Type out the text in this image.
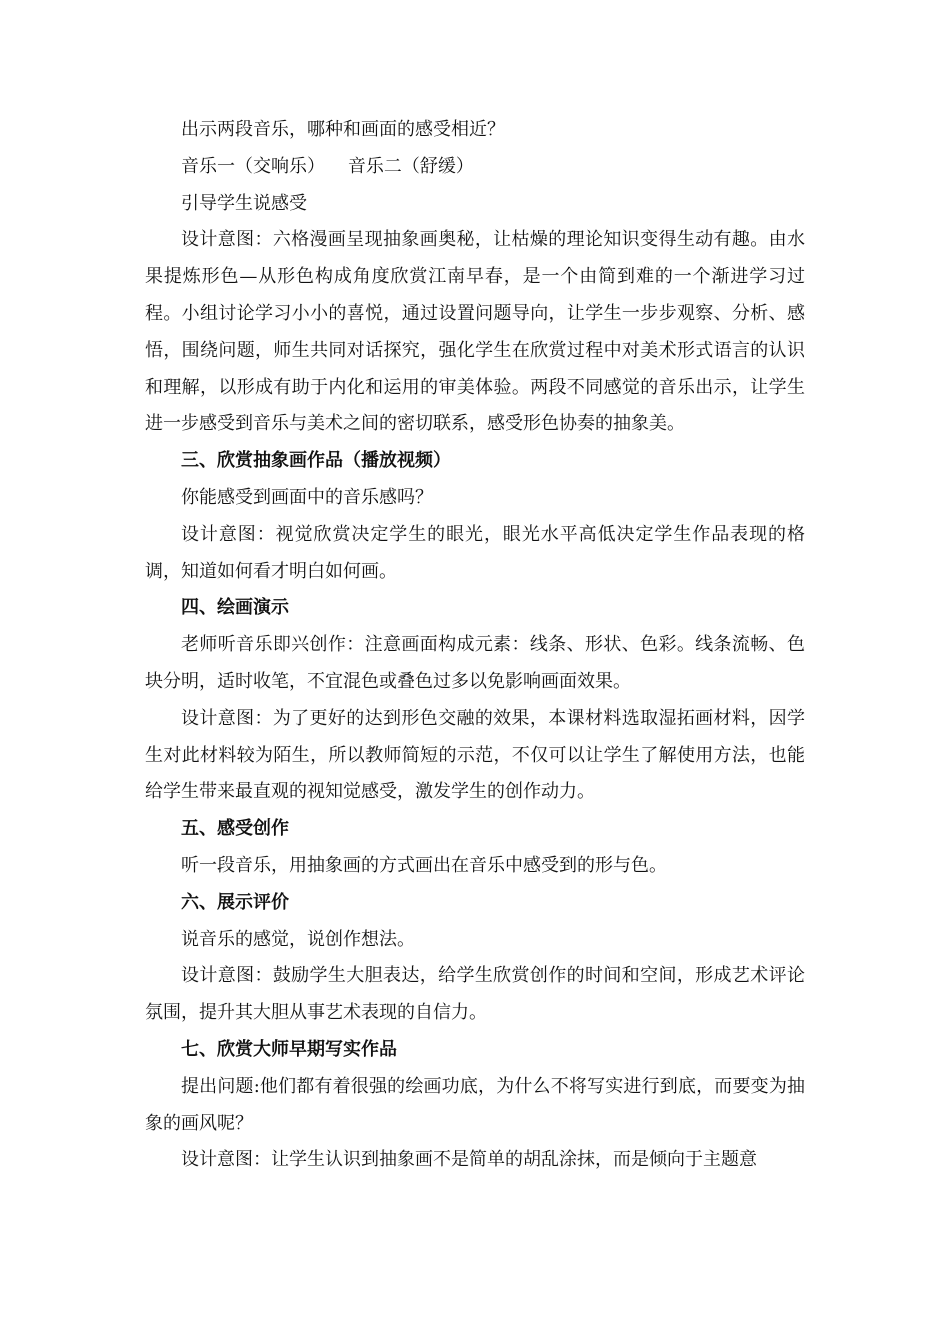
出示两段音乐，哪种和画面的感受相近？

音乐一（交响乐）    音乐二（舒缓）

引导学生说感受

设计意图：六格漫画呈现抽象画奥秘，让枯燥的理论知识变得生动有趣。由水果提炼形色—从形色构成角度欣赏江南早春，是一个由简到难的一个渐进学习过程。小组讨论学习小小的喜悦，通过设置问题导向，让学生一步步观察、分析、感悟，围绕问题，师生共同对话探究，强化学生在欣赏过程中对美术形式语言的认识和理解，以形成有助于内化和运用的审美体验。两段不同感觉的音乐出示，让学生进一步感受到音乐与美术之间的密切联系，感受形色协奏的抽象美。

三、欣赏抽象画作品（播放视频）

你能感受到画面中的音乐感吗？

设计意图：视觉欣赏决定学生的眼光，眼光水平高低决定学生作品表现的格调，知道如何看才明白如何画。

四、绘画演示

老师听音乐即兴创作：注意画面构成元素：线条、形状、色彩。线条流畅、色块分明，适时收笔，不宜混色或叠色过多以免影响画面效果。

设计意图：为了更好的达到形色交融的效果，本课材料选取湿拓画材料，因学生对此材料较为陌生，所以教师简短的示范，不仅可以让学生了解使用方法，也能给学生带来最直观的视知觉感受，激发学生的创作动力。

五、感受创作

听一段音乐，用抽象画的方式画出在音乐中感受到的形与色。

六、展示评价

说音乐的感觉，说创作想法。

设计意图：鼓励学生大胆表达，给学生欣赏创作的时间和空间，形成艺术评论氛围，提升其大胆从事艺术表现的自信力。

七、欣赏大师早期写实作品

提出问题:他们都有着很强的绘画功底，为什么不将写实进行到底，而要变为抽象的画风呢？

设计意图：让学生认识到抽象画不是简单的胡乱涂抹，而是倾向于主题意
